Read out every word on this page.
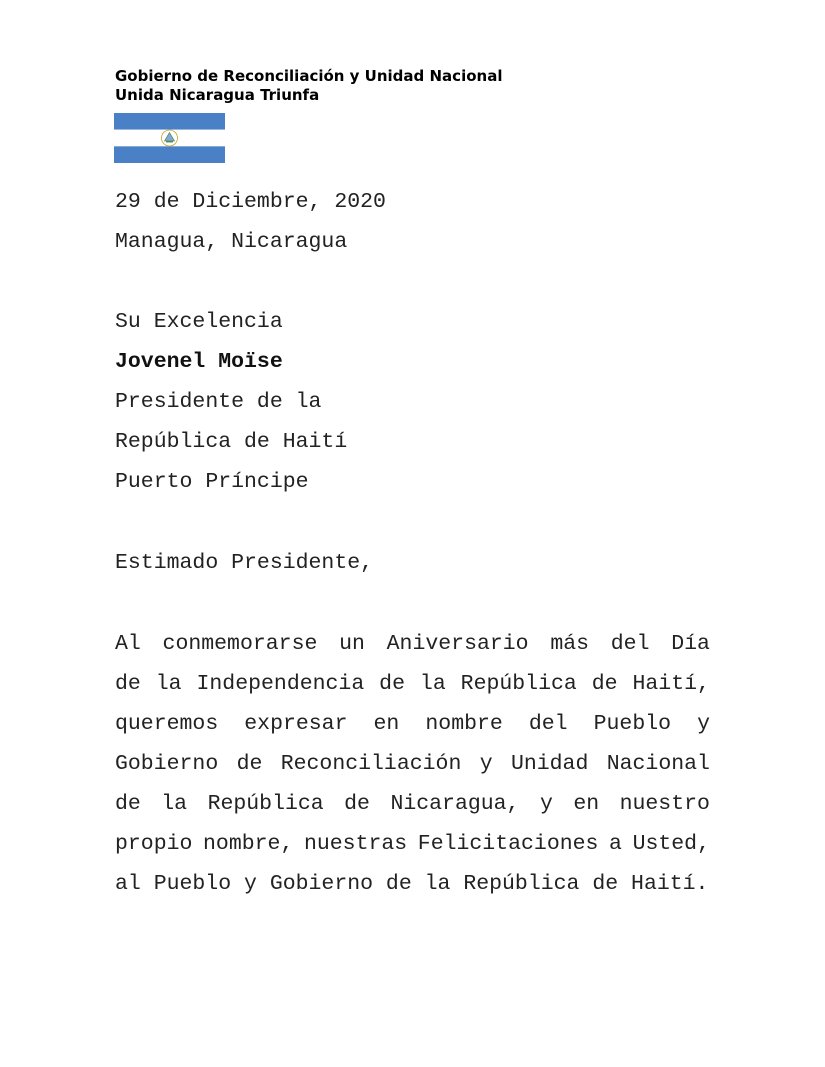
Gobierno de Reconciliación y Unidad Nacional
Unida Nicaragua Triunfa
29 de Diciembre, 2020
Managua, Nicaragua
Su Excelencia
Jovenel Moïse
Presidente de la
República de Haití
Puerto Príncipe
Estimado Presidente,
Al conmemorarse un Aniversario más del Día
de la Independencia de la República de Haití,
queremos expresar en nombre del Pueblo y
Gobierno de Reconciliación y Unidad Nacional
de la República de Nicaragua, y en nuestro
propio nombre, nuestras Felicitaciones a Usted,
al Pueblo y Gobierno de la República de Haití.
